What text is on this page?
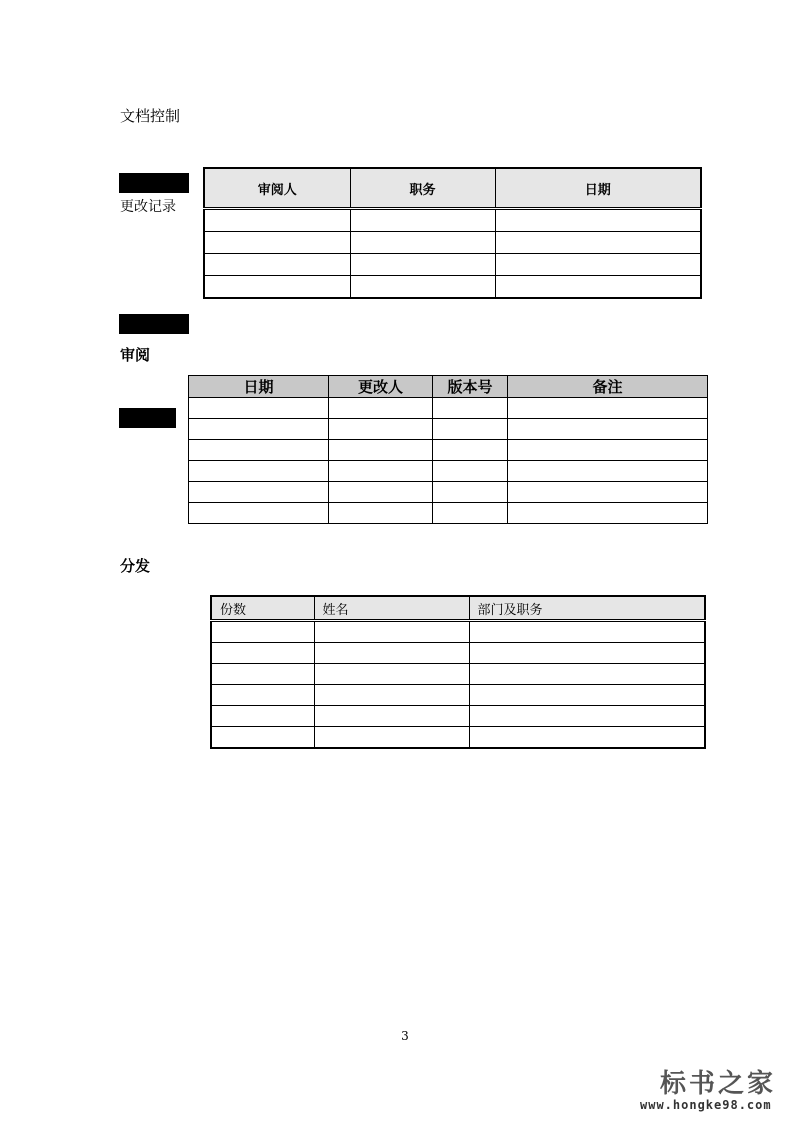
文档控制
更改记录
审阅人	职务	日期

审阅
日期	更改人	版本号	备注

分发
份数	姓名	部门及职务

3
标书之家
www.hongke98.com
